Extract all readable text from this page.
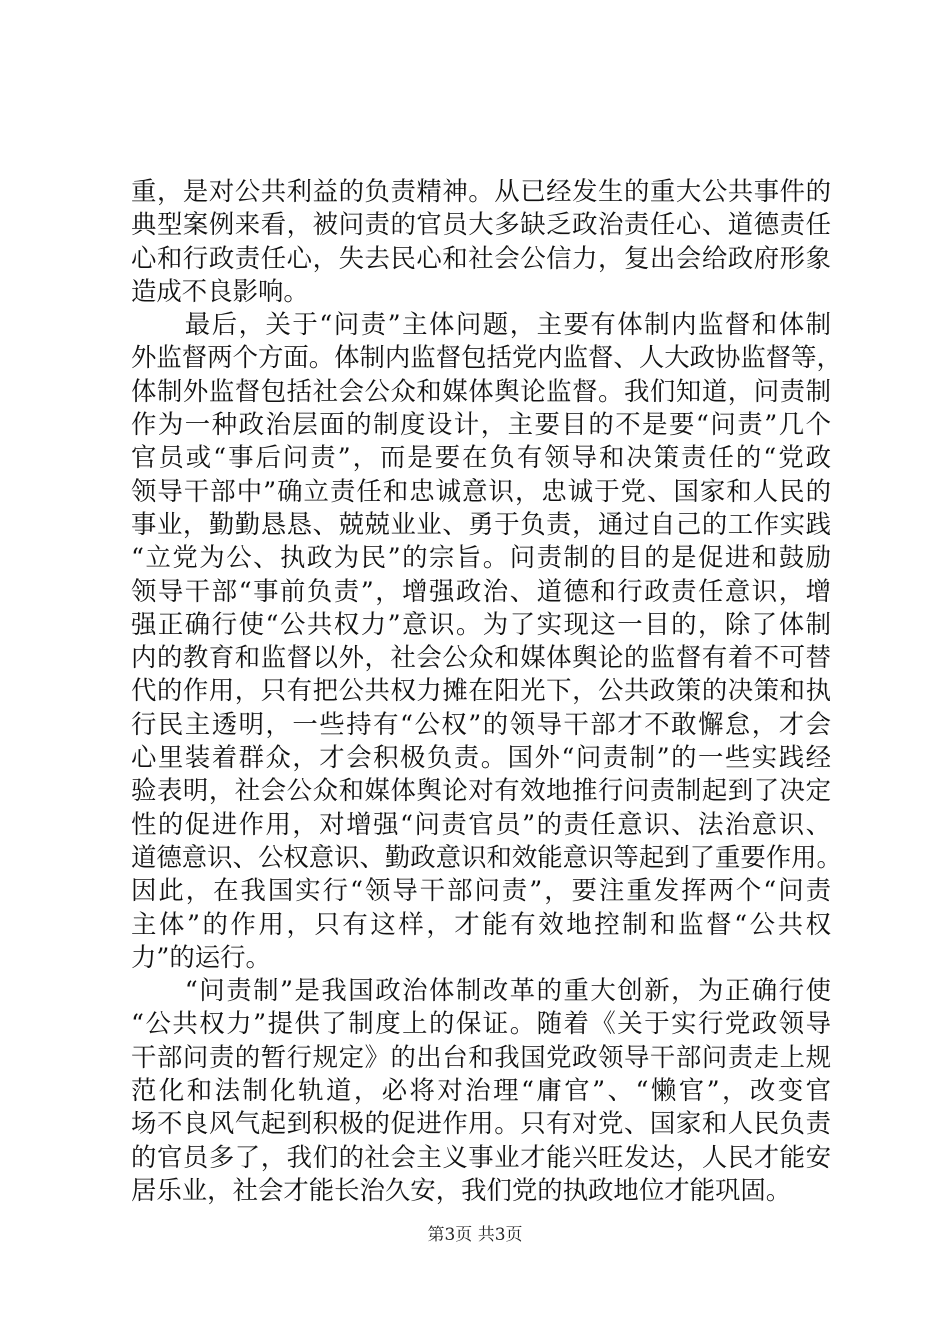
重，是对公共利益的负责精神。从已经发生的重大公共事件的
典型案例来看，被问责的官员大多缺乏政治责任心、道德责任
心和行政责任心，失去民心和社会公信力，复出会给政府形象
造成不良影响。
　　最后，关于“问责”主体问题，主要有体制内监督和体制
外监督两个方面。体制内监督包括党内监督、人大政协监督等，
体制外监督包括社会公众和媒体舆论监督。我们知道，问责制
作为一种政治层面的制度设计，主要目的不是要“问责”几个
官员或“事后问责”，而是要在负有领导和决策责任的“党政
领导干部中”确立责任和忠诚意识，忠诚于党、国家和人民的
事业，勤勤恳恳、兢兢业业、勇于负责，通过自己的工作实践
“立党为公、执政为民”的宗旨。问责制的目的是促进和鼓励
领导干部“事前负责”，增强政治、道德和行政责任意识，增
强正确行使“公共权力”意识。为了实现这一目的，除了体制
内的教育和监督以外，社会公众和媒体舆论的监督有着不可替
代的作用，只有把公共权力摊在阳光下，公共政策的决策和执
行民主透明，一些持有“公权”的领导干部才不敢懈怠，才会
心里装着群众，才会积极负责。国外“问责制”的一些实践经
验表明，社会公众和媒体舆论对有效地推行问责制起到了决定
性的促进作用，对增强“问责官员”的责任意识、法治意识、
道德意识、公权意识、勤政意识和效能意识等起到了重要作用。
因此，在我国实行“领导干部问责”，要注重发挥两个“问责
主体”的作用，只有这样，才能有效地控制和监督“公共权
力”的运行。
　　“问责制”是我国政治体制改革的重大创新，为正确行使
“公共权力”提供了制度上的保证。随着《关于实行党政领导
干部问责的暂行规定》的出台和我国党政领导干部问责走上规
范化和法制化轨道，必将对治理“庸官”、“懒官”，改变官
场不良风气起到积极的促进作用。只有对党、国家和人民负责
的官员多了，我们的社会主义事业才能兴旺发达，人民才能安
居乐业，社会才能长治久安，我们党的执政地位才能巩固。
第3页 共3页
